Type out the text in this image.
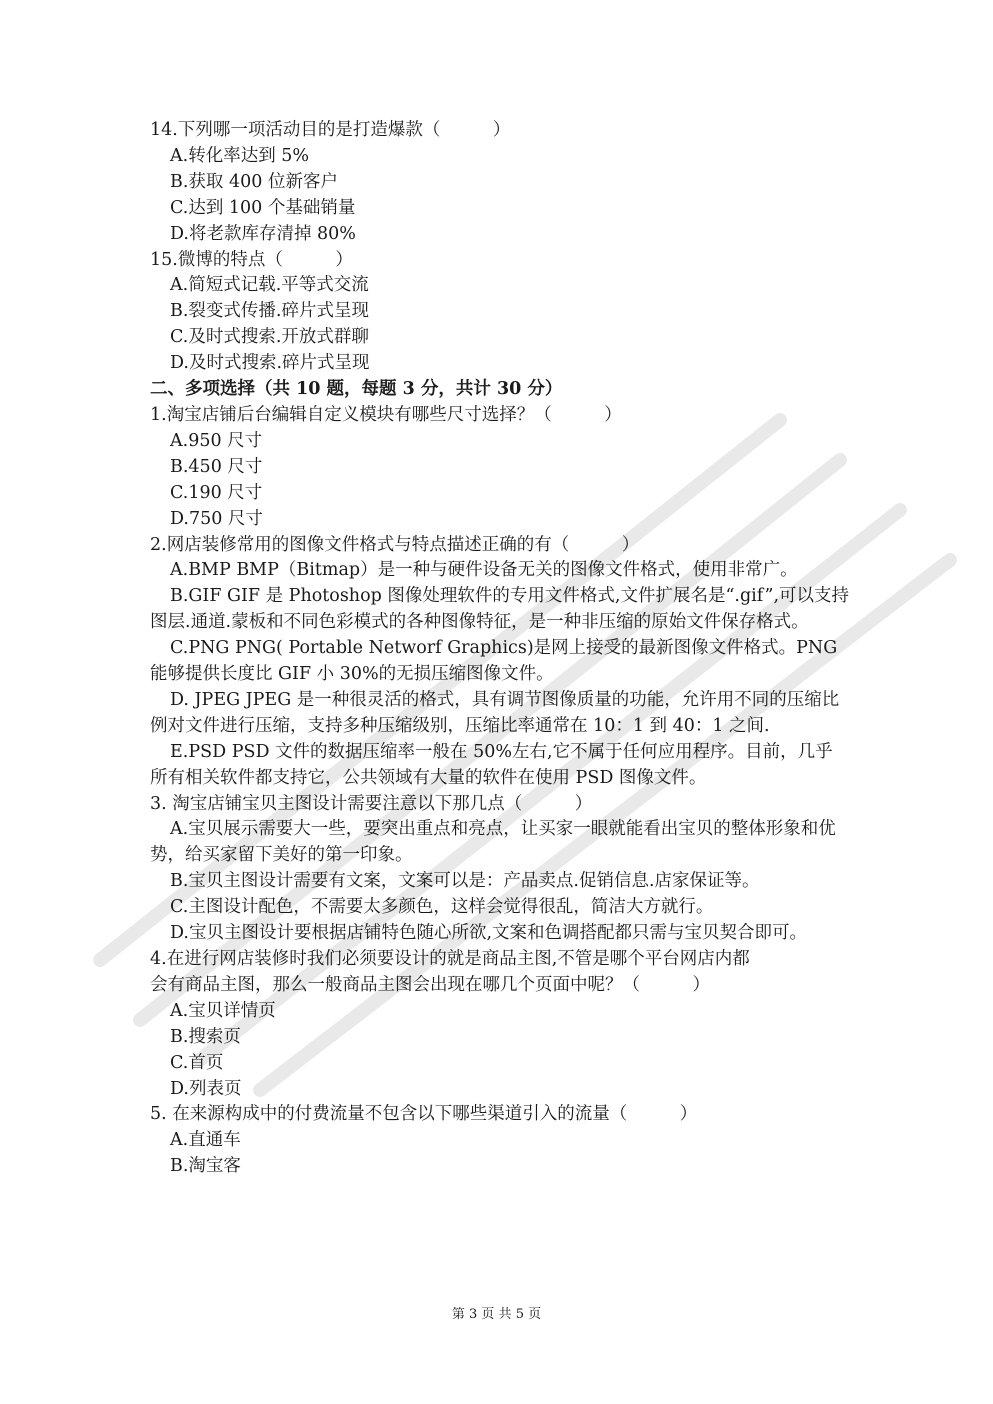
14.下列哪一项活动目的是打造爆款（　　　）
A.转化率达到 5%
B.获取 400 位新客户
C.达到 100 个基础销量
D.将老款库存清掉 80%
15.微博的特点（　　　）
A.简短式记载.平等式交流
B.裂变式传播.碎片式呈现
C.及时式搜索.开放式群聊
D.及时式搜索.碎片式呈现
二、多项选择（共 10 题，每题 3 分，共计 30 分）
1.淘宝店铺后台编辑自定义模块有哪些尺寸选择？（　　　）
A.950 尺寸
B.450 尺寸
C.190 尺寸
D.750 尺寸
2.网店装修常用的图像文件格式与特点描述正确的有（　　　）
A.BMP BMP（Bitmap）是一种与硬件设备无关的图像文件格式，使用非常广。
B.GIF GIF 是 Photoshop 图像处理软件的专用文件格式,文件扩展名是“.gif”,可以支持图层.通道.蒙板和不同色彩模式的各种图像特征，是一种非压缩的原始文件保存格式。
C.PNG PNG( Portable Networf Graphics)是网上接受的最新图像文件格式。PNG 能够提供长度比 GIF 小 30%的无损压缩图像文件。
D. JPEG JPEG 是一种很灵活的格式，具有调节图像质量的功能，允许用不同的压缩比例对文件进行压缩，支持多种压缩级别，压缩比率通常在 10：1 到 40：1 之间.
E.PSD PSD 文件的数据压缩率一般在 50%左右,它不属于任何应用程序。目前，几乎所有相关软件都支持它，公共领域有大量的软件在使用 PSD 图像文件。
3. 淘宝店铺宝贝主图设计需要注意以下那几点（　　　）
A.宝贝展示需要大一些，要突出重点和亮点，让买家一眼就能看出宝贝的整体形象和优势，给买家留下美好的第一印象。
B.宝贝主图设计需要有文案，文案可以是：产品卖点.促销信息.店家保证等。
C.主图设计配色，不需要太多颜色，这样会觉得很乱，简洁大方就行。
D.宝贝主图设计要根据店铺特色随心所欲,文案和色调搭配都只需与宝贝契合即可。
4.在进行网店装修时我们必须要设计的就是商品主图,不管是哪个平台网店内都
会有商品主图，那么一般商品主图会出现在哪几个页面中呢？（　　　）
A.宝贝详情页
B.搜索页
C.首页
D.列表页
5. 在来源构成中的付费流量不包含以下哪些渠道引入的流量（　　　）
A.直通车
B.淘宝客
第 3 页 共 5 页
